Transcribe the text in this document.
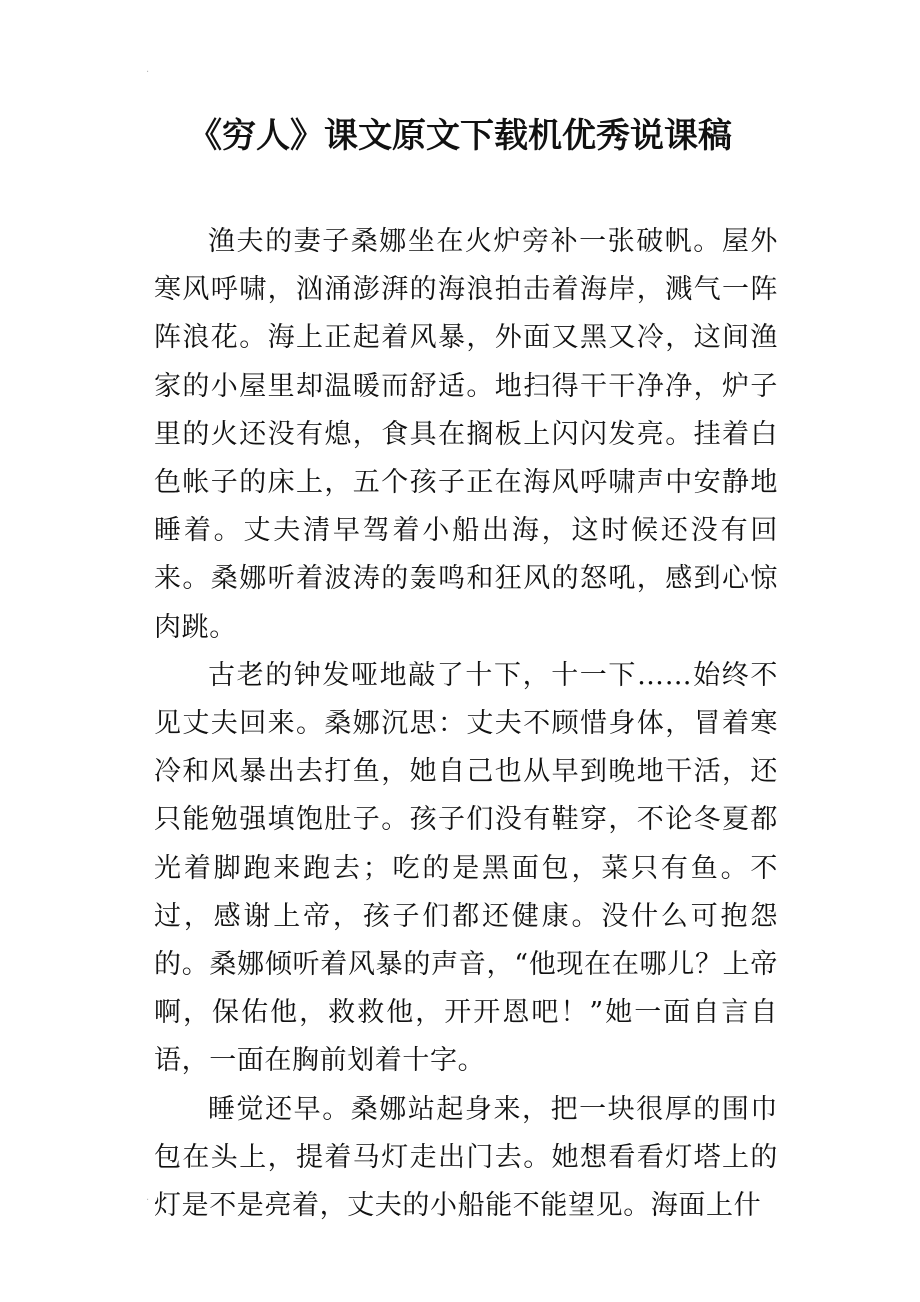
·
《穷人》课文原文下载机优秀说课稿

渔夫的妻子桑娜坐在火炉旁补一张破帆。屋外寒风呼啸，汹涌澎湃的海浪拍击着海岸，溅气一阵阵浪花。海上正起着风暴，外面又黑又冷，这间渔家的小屋里却温暖而舒适。地扫得干干净净，炉子里的火还没有熄，食具在搁板上闪闪发亮。挂着白色帐子的床上，五个孩子正在海风呼啸声中安静地睡着。丈夫清早驾着小船出海，这时候还没有回来。桑娜听着波涛的轰鸣和狂风的怒吼，感到心惊肉跳。

古老的钟发哑地敲了十下，十一下……始终不见丈夫回来。桑娜沉思：丈夫不顾惜身体，冒着寒冷和风暴出去打鱼，她自己也从早到晚地干活，还只能勉强填饱肚子。孩子们没有鞋穿，不论冬夏都光着脚跑来跑去；吃的是黑面包，菜只有鱼。不过，感谢上帝，孩子们都还健康。没什么可抱怨的。桑娜倾听着风暴的声音，“他现在在哪儿？上帝啊，保佑他，救救他，开开恩吧！”她一面自言自语，一面在胸前划着十字。

睡觉还早。桑娜站起身来，把一块很厚的围巾包在头上，提着马灯走出门去。她想看看灯塔上的灯是不是亮着，丈夫的小船能不能望见。海面上什

·
